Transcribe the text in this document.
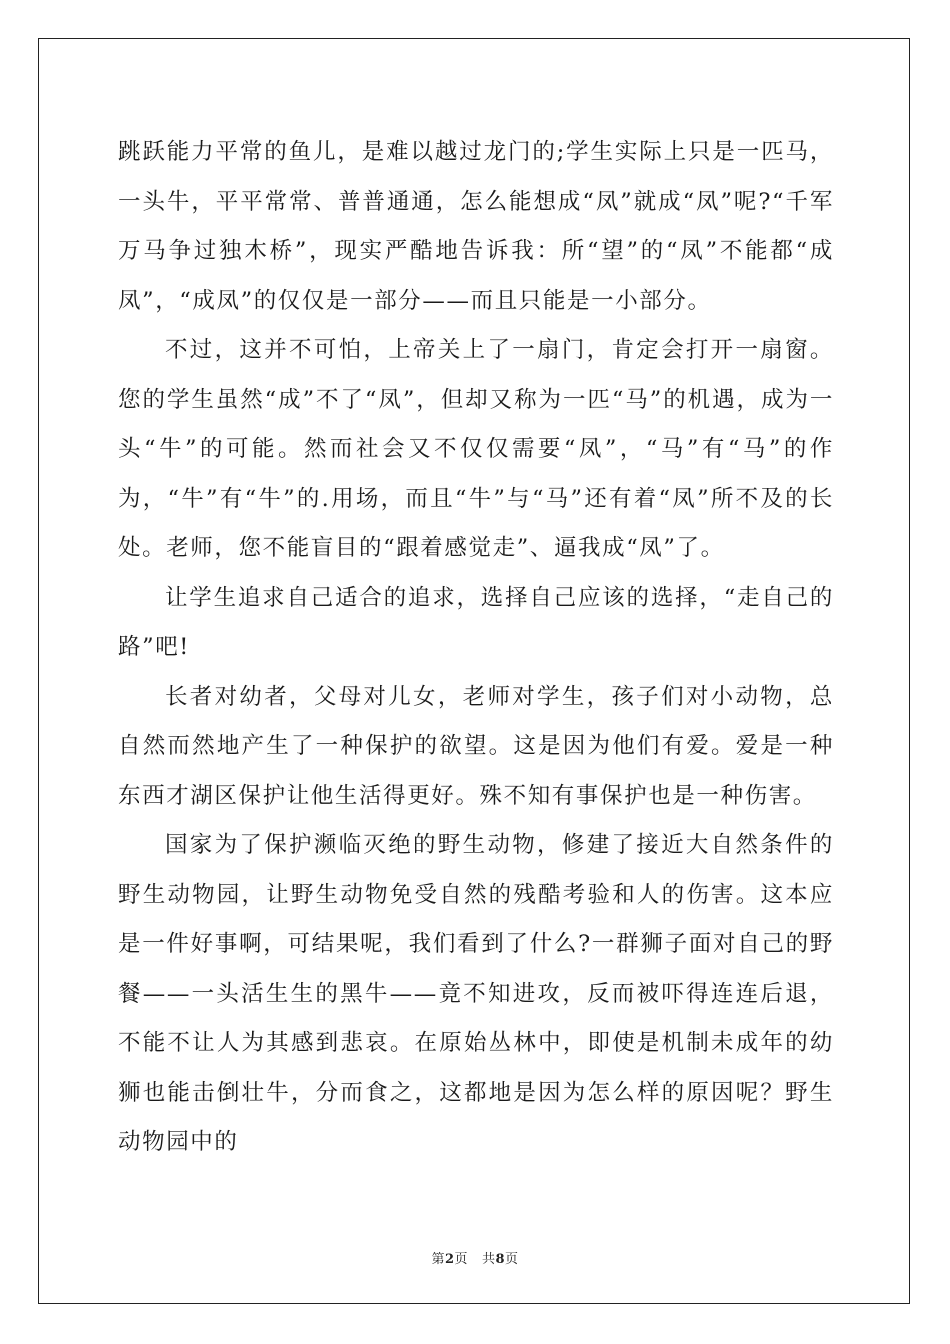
跳跃能力平常的鱼儿，是难以越过龙门的;学生实际上只是一匹马，一头牛，平平常常、普普通通，怎么能想成“凤”就成“凤”呢?“千军万马争过独木桥”，现实严酷地告诉我：所“望”的“凤”不能都“成凤”，“成凤”的仅仅是一部分——而且只能是一小部分。

不过，这并不可怕，上帝关上了一扇门，肯定会打开一扇窗。您的学生虽然“成”不了“凤”，但却又称为一匹“马”的机遇，成为一头“牛”的可能。然而社会又不仅仅需要“凤”，“马”有“马”的作为，“牛”有“牛”的.用场，而且“牛”与“马”还有着“凤”所不及的长处。老师，您不能盲目的“跟着感觉走”、逼我成“凤”了。

让学生追求自己适合的追求，选择自己应该的选择，“走自己的路”吧!

长者对幼者，父母对儿女，老师对学生，孩子们对小动物，总自然而然地产生了一种保护的欲望。这是因为他们有爱。爱是一种东西才湖区保护让他生活得更好。殊不知有事保护也是一种伤害。

国家为了保护濒临灭绝的野生动物，修建了接近大自然条件的野生动物园，让野生动物免受自然的残酷考验和人的伤害。这本应是一件好事啊，可结果呢，我们看到了什么?一群狮子面对自己的野餐——一头活生生的黑牛——竟不知进攻，反而被吓得连连后退，不能不让人为其感到悲哀。在原始丛林中，即使是机制未成年的幼狮也能击倒壮牛，分而食之，这都地是因为怎么样的原因呢？野生动物园中的

第2页 共8页
